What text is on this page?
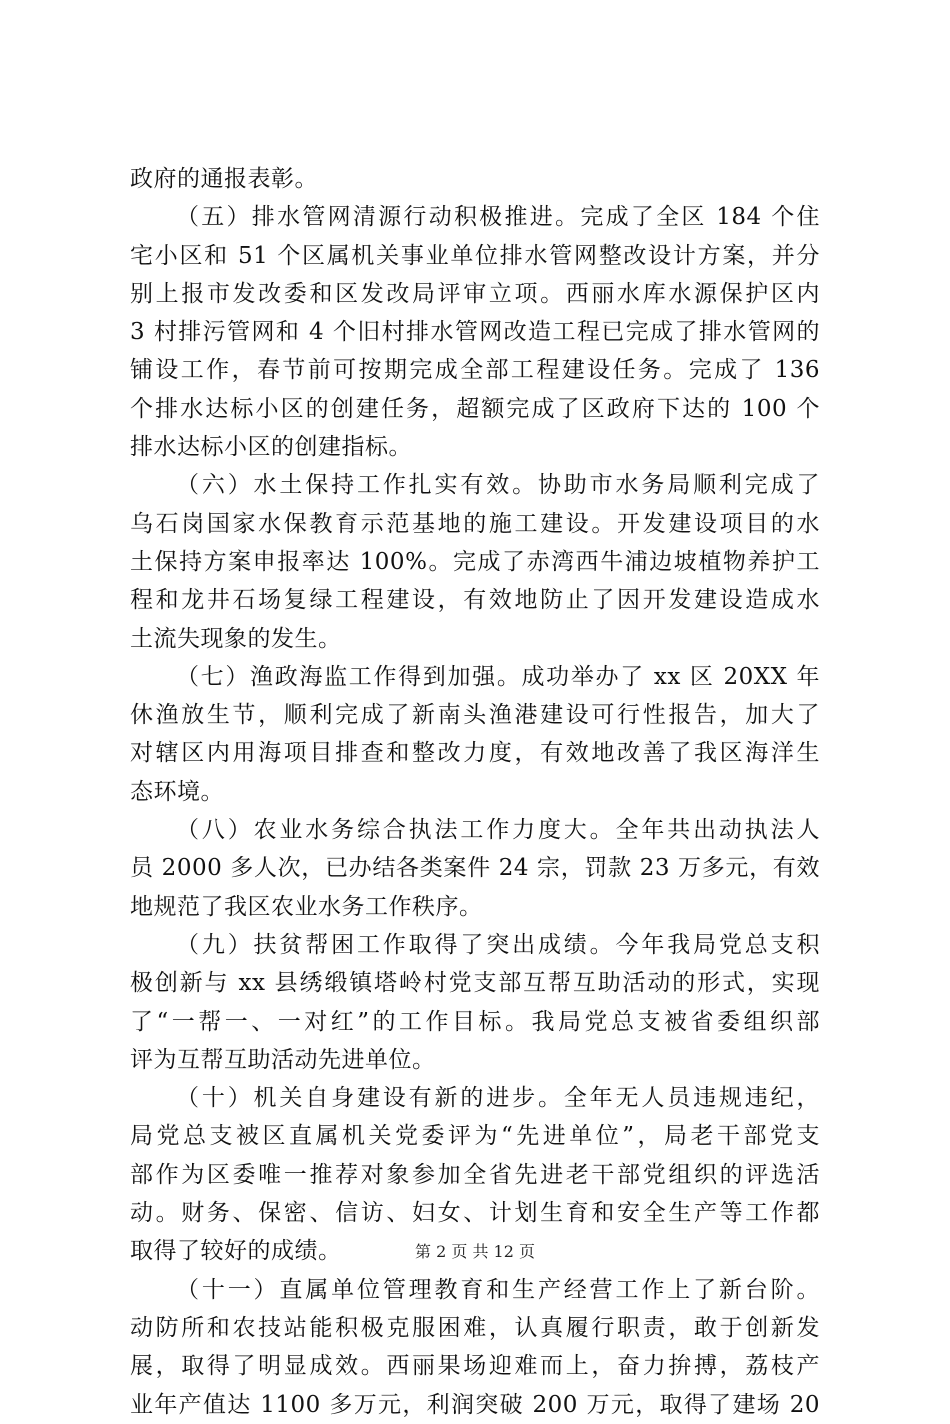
政府的通报表彰。
（五）排水管网清源行动积极推进。完成了全区 184 个住
宅小区和 51 个区属机关事业单位排水管网整改设计方案，并分
别上报市发改委和区发改局评审立项。西丽水库水源保护区内
3 村排污管网和 4 个旧村排水管网改造工程已完成了排水管网的
铺设工作，春节前可按期完成全部工程建设任务。完成了 136
个排水达标小区的创建任务，超额完成了区政府下达的 100 个
排水达标小区的创建指标。
（六）水土保持工作扎实有效。协助市水务局顺利完成了
乌石岗国家水保教育示范基地的施工建设。开发建设项目的水
土保持方案申报率达 100%。完成了赤湾西牛浦边坡植物养护工
程和龙井石场复绿工程建设，有效地防止了因开发建设造成水
土流失现象的发生。
（七）渔政海监工作得到加强。成功举办了 xx 区 20XX 年
休渔放生节，顺利完成了新南头渔港建设可行性报告，加大了
对辖区内用海项目排查和整改力度，有效地改善了我区海洋生
态环境。
（八）农业水务综合执法工作力度大。全年共出动执法人
员 2000 多人次，已办结各类案件 24 宗，罚款 23 万多元，有效
地规范了我区农业水务工作秩序。
（九）扶贫帮困工作取得了突出成绩。今年我局党总支积
极创新与 xx 县绣缎镇塔岭村党支部互帮互助活动的形式，实现
了“一帮一、一对红”的工作目标。我局党总支被省委组织部
评为互帮互助活动先进单位。
（十）机关自身建设有新的进步。全年无人员违规违纪，
局党总支被区直属机关党委评为“先进单位”，局老干部党支
部作为区委唯一推荐对象参加全省先进老干部党组织的评选活
动。财务、保密、信访、妇女、计划生育和安全生产等工作都
取得了较好的成绩。
（十一）直属单位管理教育和生产经营工作上了新台阶。
动防所和农技站能积极克服困难，认真履行职责，敢于创新发
展，取得了明显成效。西丽果场迎难而上，奋力拚搏，荔枝产
业年产值达 1100 多万元，利润突破 200 万元，取得了建场 20
第 2 页 共 12 页
